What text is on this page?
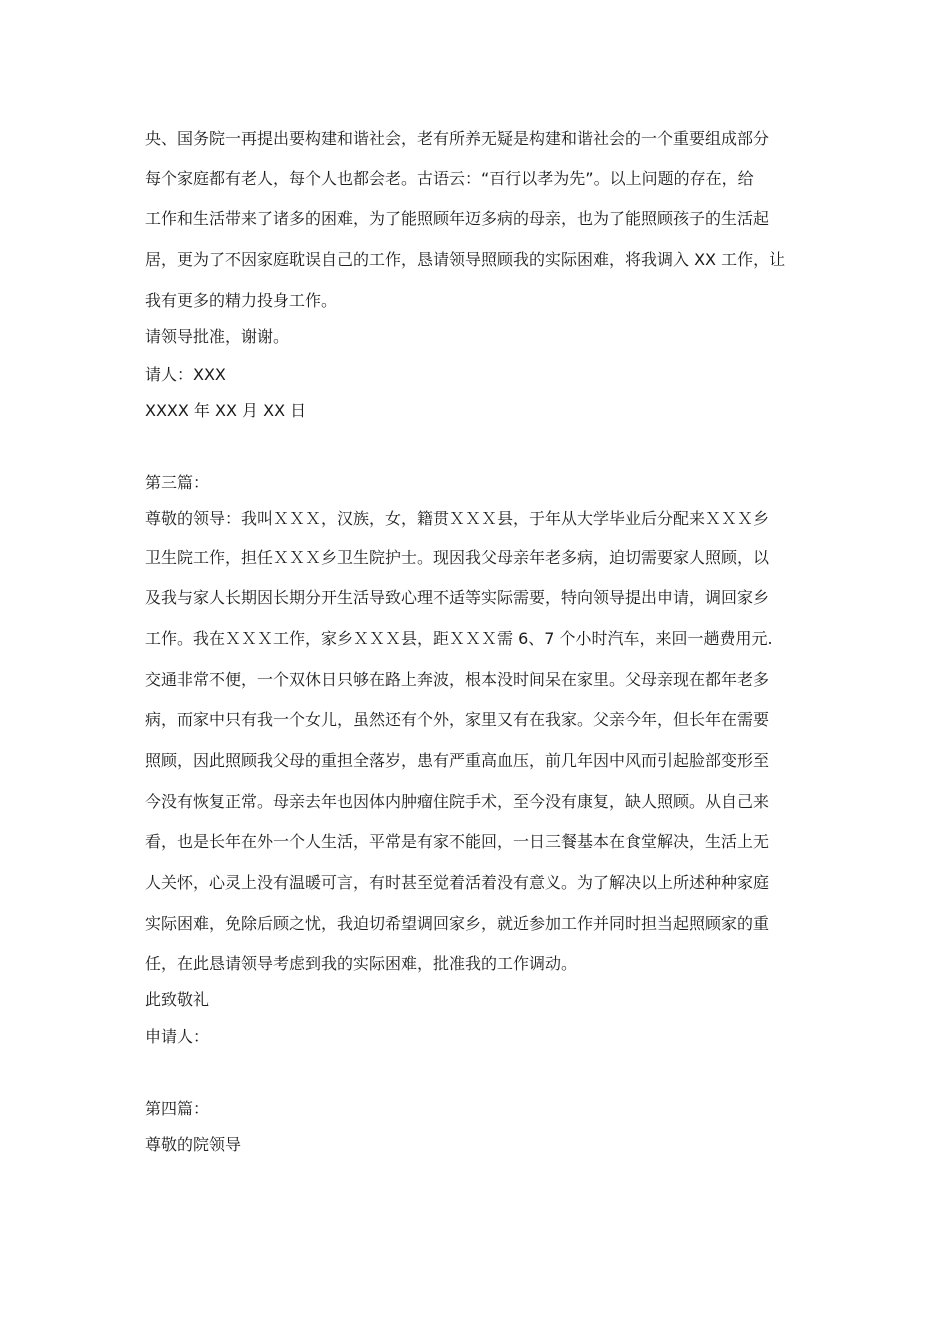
央、国务院一再提出要构建和谐社会，老有所养无疑是构建和谐社会的一个重要组成部分
每个家庭都有老人，每个人也都会老。古语云：“百行以孝为先”。以上问题的存在，给
工作和生活带来了诸多的困难，为了能照顾年迈多病的母亲，也为了能照顾孩子的生活起
居，更为了不因家庭耽误自己的工作，恳请领导照顾我的实际困难，将我调入 XX 工作，让
我有更多的精力投身工作。
请领导批准，谢谢。
请人：XXX
XXXX 年 XX 月 XX 日
第三篇：
尊敬的领导：我叫ＸＸＸ，汉族，女，籍贯ＸＸＸ县，于年从大学毕业后分配来ＸＸＸ乡
卫生院工作，担任ＸＸＸ乡卫生院护士。现因我父母亲年老多病，迫切需要家人照顾，以
及我与家人长期因长期分开生活导致心理不适等实际需要，特向领导提出申请，调回家乡
工作。我在ＸＸＸ工作，家乡ＸＸＸ县，距ＸＸＸ需 6、7 个小时汽车，来回一趟费用元.
交通非常不便，一个双休日只够在路上奔波，根本没时间呆在家里。父母亲现在都年老多
病，而家中只有我一个女儿，虽然还有个外，家里又有在我家。父亲今年，但长年在需要
照顾，因此照顾我父母的重担全落岁，患有严重高血压，前几年因中风而引起脸部变形至
今没有恢复正常。母亲去年也因体内肿瘤住院手术，至今没有康复，缺人照顾。从自己来
看，也是长年在外一个人生活，平常是有家不能回，一日三餐基本在食堂解决，生活上无
人关怀，心灵上没有温暖可言，有时甚至觉着活着没有意义。为了解决以上所述种种家庭
实际困难，免除后顾之忧，我迫切希望调回家乡，就近参加工作并同时担当起照顾家的重
任，在此恳请领导考虑到我的实际困难，批准我的工作调动。
此致敬礼
申请人：
第四篇：
尊敬的院领导
